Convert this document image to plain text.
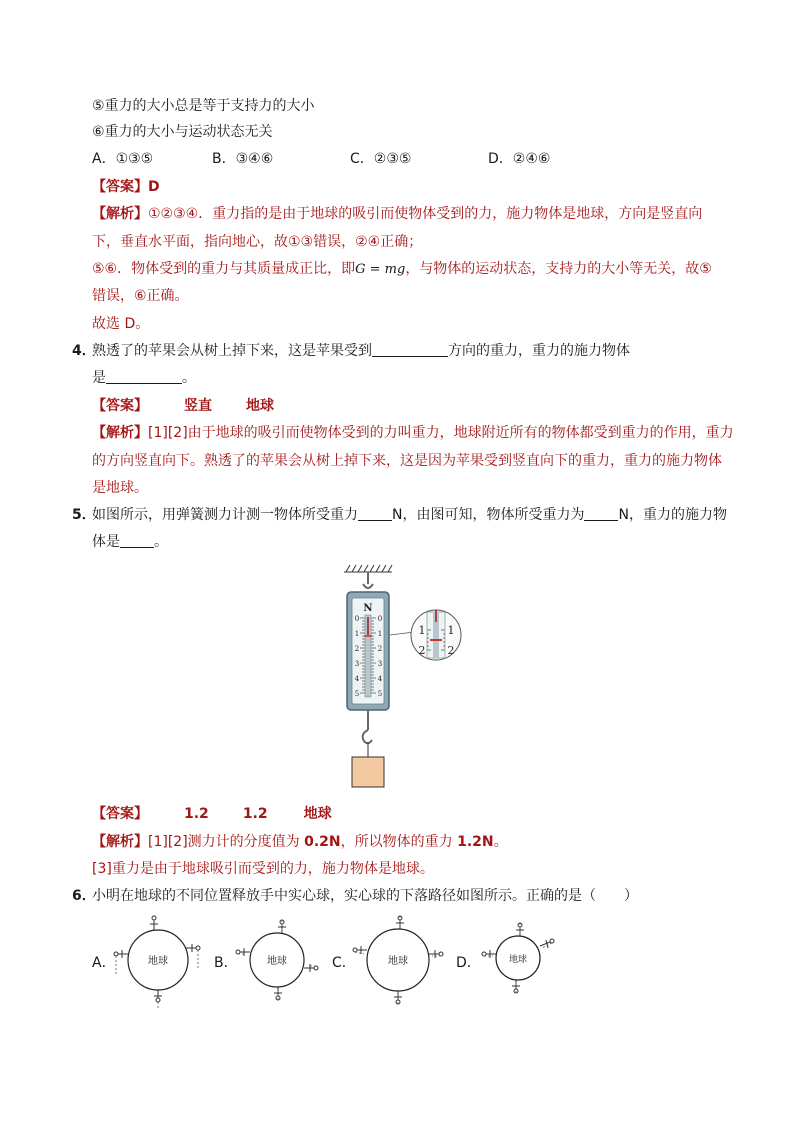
⑤重力的大小总是等于支持力的大小
⑥重力的大小与运动状态无关
A．①③⑤	B．③④⑥	C．②③⑤	D．②④⑥
【答案】D
【解析】①②③④．重力指的是由于地球的吸引而使物体受到的力，施力物体是地球，方向是竖直向
下，垂直水平面，指向地心，故①③错误，②④正确；
⑤⑥．物体受到的重力与其质量成正比，即G = mg，与物体的运动状态，支持力的大小等无关，故⑤
错误，⑥正确。
故选 D。
4．
熟透了的苹果会从树上掉下来，这是苹果受到	方向的重力，重力的施力物体
是	。
【答案】	竖直 地球
【解析】[1][2]由于地球的吸引而使物体受到的力叫重力，地球附近所有的物体都受到重力的作用，重力
的方向竖直向下。熟透了的苹果会从树上掉下来，这是因为苹果受到竖直向下的重力，重力的施力物体
是地球。
5．
如图所示，用弹簧测力计测一物体所受重力 N，由图可知，物体所受重力为 N，重力的施力物
体是 。
N
0
1
2
3
4
5
0
1
2
3
4
5
1
2
1
2
【答案】	1.2 1.2	地球
【解析】[1][2]测力计的分度值为 0.2N，所以物体的重力 1.2N。
[3]重力是由于地球吸引而受到的力，施力物体是地球。
6．
小明在地球的不同位置释放手中实心球，实心球的下落路径如图所示。正确的是（　　）
A．	B．	C．	D．
地球	地球	地球	地球
